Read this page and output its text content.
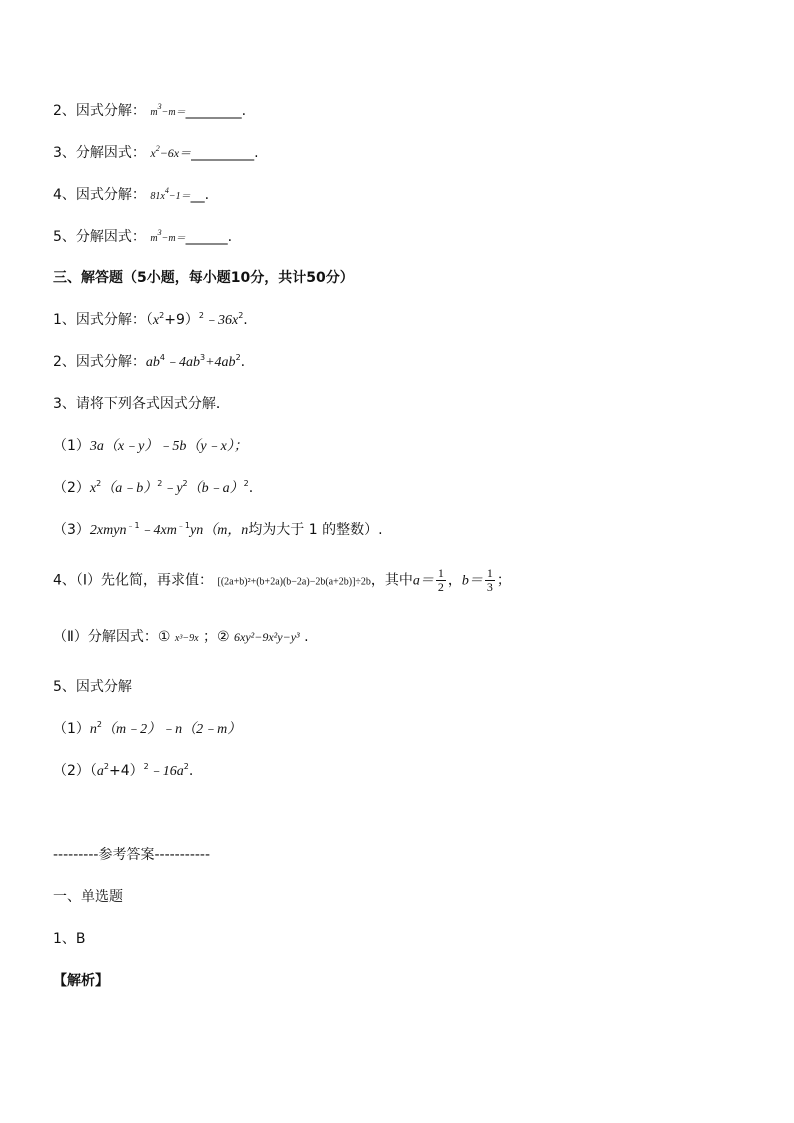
2、因式分解： $m^3-m=\_\_\_\_\_\_\_\_$.
3、分解因式： $x^2-6x=\_\_\_\_\_\_\_\_\_$.
4、因式分解： $81x^4-1=\_\_$.
5、分解因式： $m^3-m=\_\_\_\_\_\_$.
三、解答题（5小题，每小题10分，共计50分）
1、因式分解：$(x^2+9)^2﹣36x^2$.
2、因式分解：$ab^4﹣4ab^3+4ab^2$.
3、请将下列各式因式分解．
（1）3a（x﹣y）﹣5b（y﹣x）；
$(2)x^2(a﹣b)^2﹣y^2(b﹣a)^2$.
$(3)2xmyn^{﹣1}﹣4xm^{﹣1}yn(m$，n均为大于 1 的整数）.
4、（Ⅰ）先化简，再求值： [(2a+b)²+(b+2a)(b−2a)−2b(a+2b)]÷2b，其中$a= \frac{1}{2}$ ，$b= \frac{1}{3}$ ；
（Ⅱ）分解因式：① x³−9x ；② 6xy²−9x²y−y³ .
5、因式分解
$(1)n^2(m﹣2)﹣n(2﹣m)$
$(2)(a^2+4)^2﹣16a^2$.
---------参考答案-----------
一、单选题
1、B
【解析】
